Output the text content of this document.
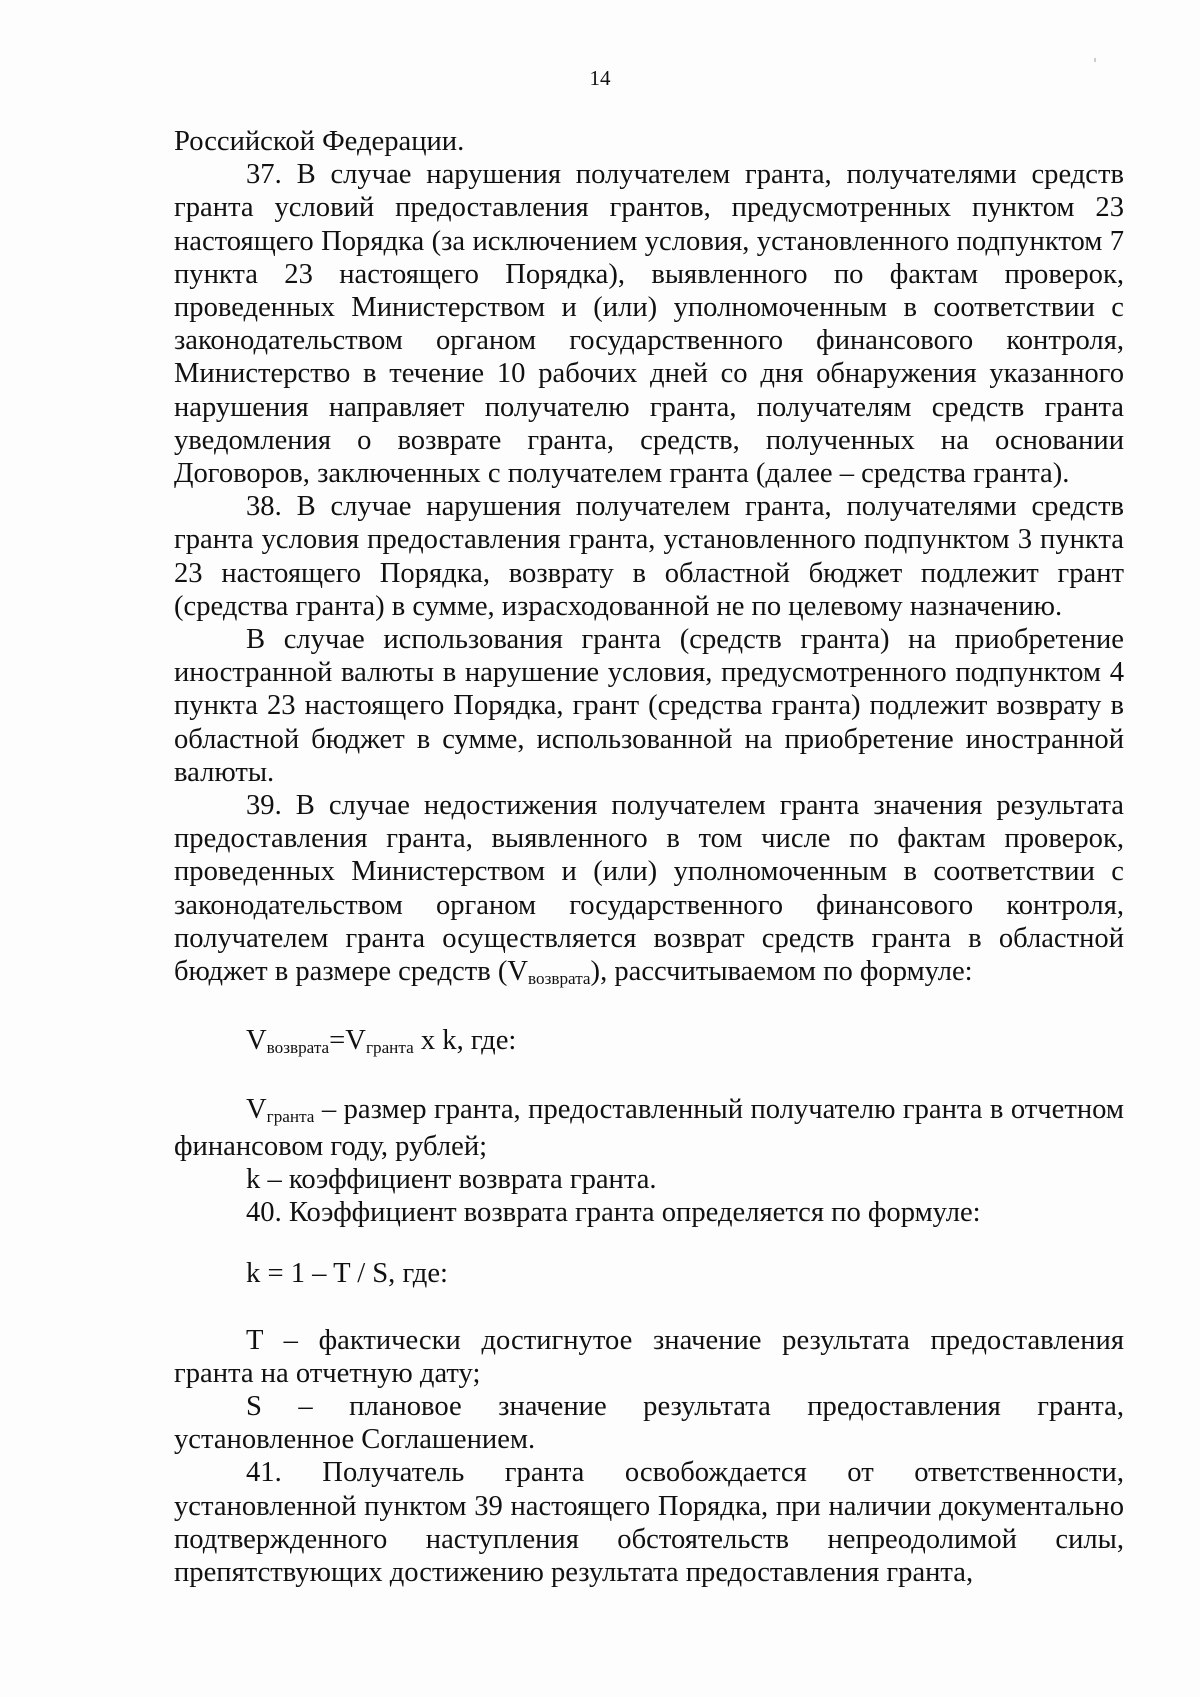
14

Российской Федерации.

37. В случае нарушения получателем гранта, получателями средств гранта условий предоставления грантов, предусмотренных пунктом 23 настоящего Порядка (за исключением условия, установленного подпунктом 7 пункта 23 настоящего Порядка), выявленного по фактам проверок, проведенных Министерством и (или) уполномоченным в соответствии с законодательством органом государственного финансового контроля, Министерство в течение 10 рабочих дней со дня обнаружения указанного нарушения направляет получателю гранта, получателям средств гранта уведомления о возврате гранта, средств, полученных на основании Договоров, заключенных с получателем гранта (далее – средства гранта).

38. В случае нарушения получателем гранта, получателями средств гранта условия предоставления гранта, установленного подпунктом 3 пункта 23 настоящего Порядка, возврату в областной бюджет подлежит грант (средства гранта) в сумме, израсходованной не по целевому назначению.

В случае использования гранта (средств гранта) на приобретение иностранной валюты в нарушение условия, предусмотренного подпунктом 4 пункта 23 настоящего Порядка, грант (средства гранта) подлежит возврату в областной бюджет в сумме, использованной на приобретение иностранной валюты.

39. В случае недостижения получателем гранта значения результата предоставления гранта, выявленного в том числе по фактам проверок, проведенных Министерством и (или) уполномоченным в соответствии с законодательством органом государственного финансового контроля, получателем гранта осуществляется возврат средств гранта в областной бюджет в размере средств $(V_{возврата})$, рассчитываемом по формуле:

$V_{возврата}=V_{гранта}$ x k, где:

$V_{гранта}$ – размер гранта, предоставленный получателю гранта в отчетном финансовом году, рублей;

k – коэффициент возврата гранта.

40. Коэффициент возврата гранта определяется по формуле:

k = 1 – T / S, где:

T – фактически достигнутое значение результата предоставления гранта на отчетную дату;

S – плановое значение результата предоставления гранта, установленное Соглашением.

41. Получатель гранта освобождается от ответственности, установленной пунктом 39 настоящего Порядка, при наличии документально подтвержденного наступления обстоятельств непреодолимой силы, препятствующих достижению результата предоставления гранта,
